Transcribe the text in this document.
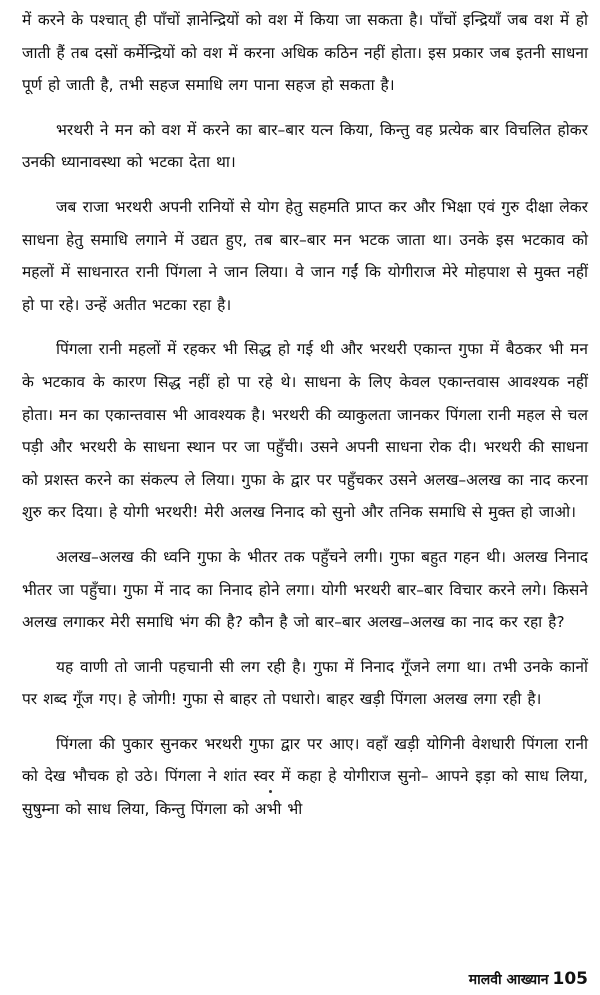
में करने के पश्चात् ही पाँचों ज्ञानेन्द्रियों को वश में किया जा सकता है। पाँचों इन्द्रियाँ जब वश में हो जाती हैं तब दसों कर्मेन्द्रियों को वश में करना अधिक कठिन नहीं होता। इस प्रकार जब इतनी साधना पूर्ण हो जाती है, तभी सहज समाधि लग पाना सहज हो सकता है।

भरथरी ने मन को वश में करने का बार–बार यत्न किया, किन्तु वह प्रत्येक बार विचलित होकर उनकी ध्यानावस्था को भटका देता था।

जब राजा भरथरी अपनी रानियों से योग हेतु सहमति प्राप्त कर और भिक्षा एवं गुरु दीक्षा लेकर साधना हेतु समाधि लगाने में उद्यत हुए, तब बार–बार मन भटक जाता था। उनके इस भटकाव को महलों में साधनारत रानी पिंगला ने जान लिया। वे जान गईं कि योगीराज मेरे मोहपाश से मुक्त नहीं हो पा रहे। उन्हें अतीत भटका रहा है।

पिंगला रानी महलों में रहकर भी सिद्ध हो गई थी और भरथरी एकान्त गुफा में बैठकर भी मन के भटकाव के कारण सिद्ध नहीं हो पा रहे थे। साधना के लिए केवल एकान्तवास आवश्यक नहीं होता। मन का एकान्तवास भी आवश्यक है। भरथरी की व्याकुलता जानकर पिंगला रानी महल से चल पड़ी और भरथरी के साधना स्थान पर जा पहुँची। उसने अपनी साधना रोक दी। भरथरी की साधना को प्रशस्त करने का संकल्प ले लिया। गुफा के द्वार पर पहुँचकर उसने अलख–अलख का नाद करना शुरु कर दिया। हे योगी भरथरी! मेरी अलख निनाद को सुनो और तनिक समाधि से मुक्त हो जाओ।

अलख–अलख की ध्वनि गुफा के भीतर तक पहुँचने लगी। गुफा बहुत गहन थी। अलख निनाद भीतर जा पहुँचा। गुफा में नाद का निनाद होने लगा। योगी भरथरी बार–बार विचार करने लगे। किसने अलख लगाकर मेरी समाधि भंग की है? कौन है जो बार–बार अलख–अलख का नाद कर रहा है?

यह वाणी तो जानी पहचानी सी लग रही है। गुफा में निनाद गूँजने लगा था। तभी उनके कानों पर शब्द गूँज गए। हे जोगी! गुफा से बाहर तो पधारो। बाहर खड़ी पिंगला अलख लगा रही है।

पिंगला की पुकार सुनकर भरथरी गुफा द्वार पर आए। वहाँ खड़ी योगिनी वेशधारी पिंगला रानी को देख भौचक हो उठे। पिंगला ने शांत स्वर में कहा हे योगीराज सुनो– आपने इड़ा को साध लिया, सुषुम्ना को साध लिया, किन्तु पिंगला को अभी भी

मालवी आख्यान 105
